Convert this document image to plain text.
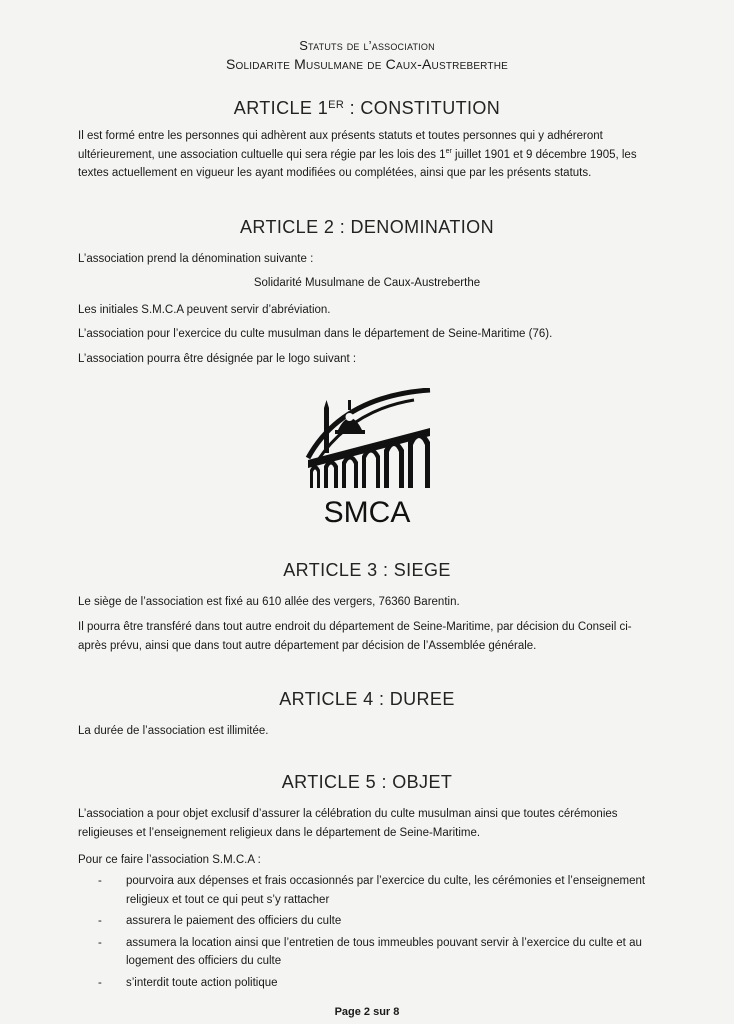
Statuts de l’association
Solidarite Musulmane de Caux-Austreberthe
ARTICLE 1ER : CONSTITUTION
Il est formé entre les personnes qui adhèrent aux présents statuts et toutes personnes qui y adhéreront ultérieurement, une association cultuelle qui sera régie par les lois des 1er juillet 1901 et 9 décembre 1905, les textes actuellement en vigueur les ayant modifiées ou complétées, ainsi que par les présents statuts.
ARTICLE 2 : DENOMINATION
L’association prend la dénomination suivante :
Solidarité Musulmane de Caux-Austreberthe
Les initiales S.M.C.A peuvent servir d’abréviation.
L’association pour l’exercice du culte musulman dans le département de Seine-Maritime (76).
L’association pourra être désignée par le logo suivant :
SMCA
ARTICLE 3 : SIEGE
Le siège de l’association est fixé au 610 allée des vergers, 76360 Barentin.
Il pourra être transféré dans tout autre endroit du département de Seine-Maritime, par décision du Conseil ci-après prévu, ainsi que dans tout autre département par décision de l’Assemblée générale.
ARTICLE 4 : DUREE
La durée de l’association est illimitée.
ARTICLE 5 : OBJET
L’association a pour objet exclusif d’assurer la célébration du culte musulman ainsi que toutes cérémonies religieuses et l’enseignement religieux dans le département de Seine-Maritime.
Pour ce faire l’association S.M.C.A :
- pourvoira aux dépenses et frais occasionnés par l’exercice du culte, les cérémonies et l’enseignement religieux et tout ce qui peut s’y rattacher
- assurera le paiement des officiers du culte
- assumera la location ainsi que l’entretien de tous immeubles pouvant servir à l’exercice du culte et au logement des officiers du culte
- s’interdit toute action politique
Page 2 sur 8
